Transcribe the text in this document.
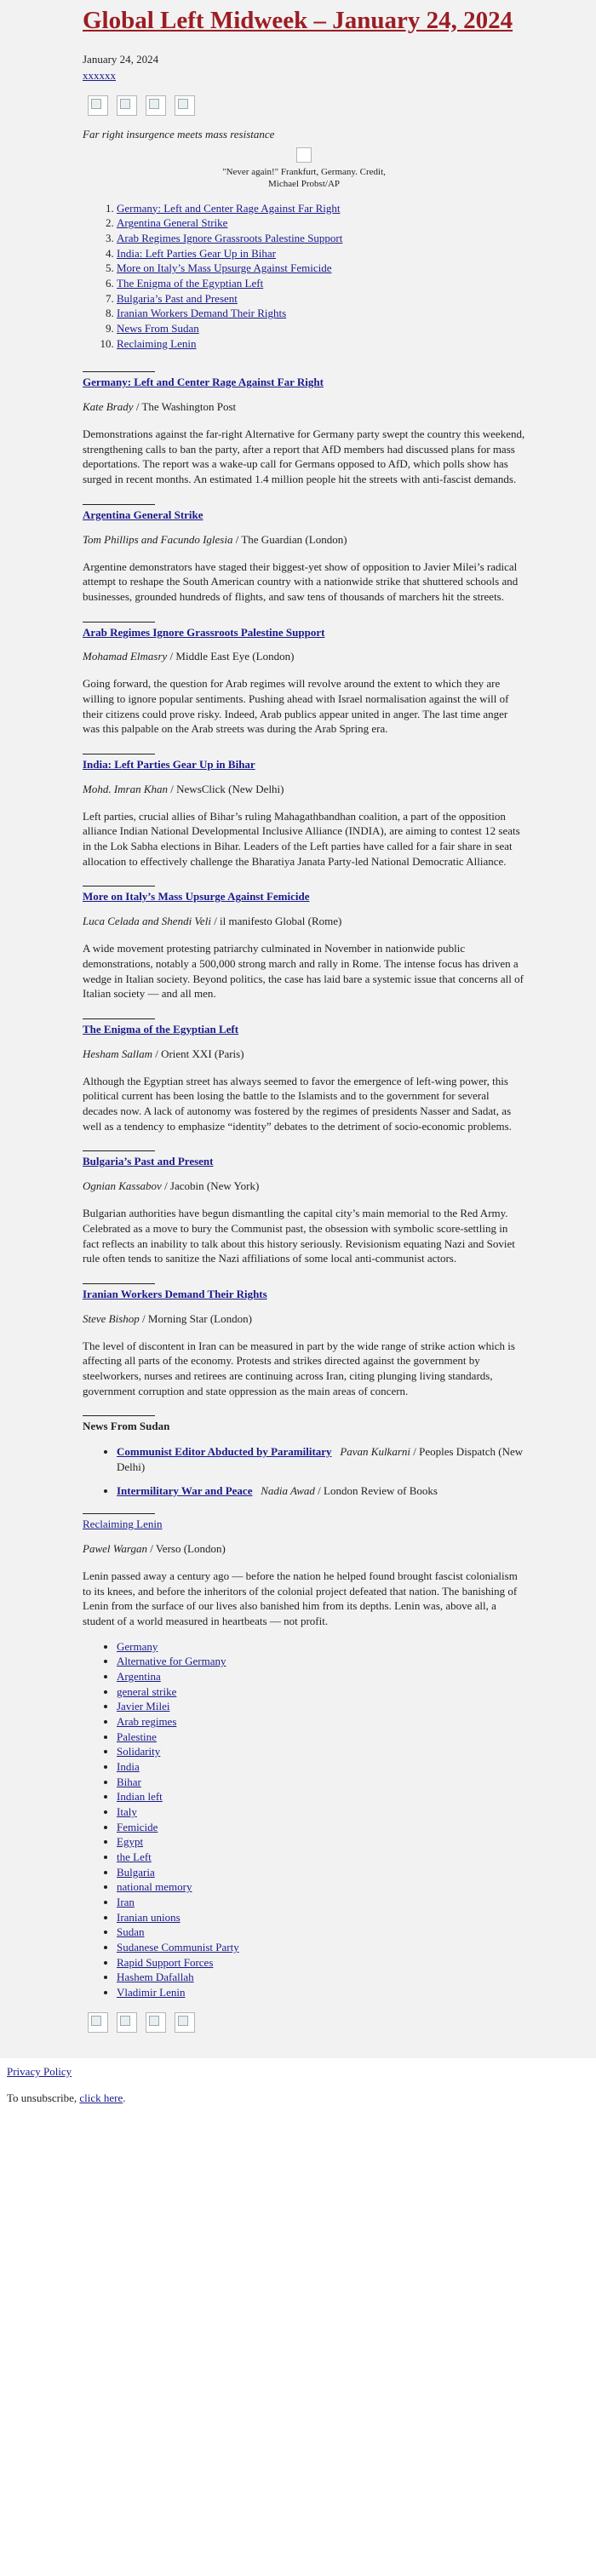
Global Left Midweek – January 24, 2024
January 24, 2024
xxxxxx
Far right insurgence meets mass resistance
"Never again!" Frankfurt, Germany. Credit, Michael Probst/AP
1. Germany: Left and Center Rage Against Far Right
2. Argentina General Strike
3. Arab Regimes Ignore Grassroots Palestine Support
4. India: Left Parties Gear Up in Bihar
5. More on Italy’s Mass Upsurge Against Femicide
6. The Enigma of the Egyptian Left
7. Bulgaria’s Past and Present
8. Iranian Workers Demand Their Rights
9. News From Sudan
10. Reclaiming Lenin
Germany: Left and Center Rage Against Far Right
Kate Brady / The Washington Post

Demonstrations against the far-right Alternative for Germany party swept the country this weekend, strengthening calls to ban the party, after a report that AfD members had discussed plans for mass deportations. The report was a wake-up call for Germans opposed to AfD, which polls show has surged in recent months. An estimated 1.4 million people hit the streets with anti-fascist demands.

Argentina General Strike
Tom Phillips and Facundo Iglesia / The Guardian (London)

Argentine demonstrators have staged their biggest-yet show of opposition to Javier Milei’s radical attempt to reshape the South American country with a nationwide strike that shuttered schools and businesses, grounded hundreds of flights, and saw tens of thousands of marchers hit the streets.

Arab Regimes Ignore Grassroots Palestine Support
Mohamad Elmasry / Middle East Eye (London)

Going forward, the question for Arab regimes will revolve around the extent to which they are willing to ignore popular sentiments. Pushing ahead with Israel normalisation against the will of their citizens could prove risky. Indeed, Arab publics appear united in anger. The last time anger was this palpable on the Arab streets was during the Arab Spring era.

India: Left Parties Gear Up in Bihar
Mohd. Imran Khan / NewsClick (New Delhi)

Left parties, crucial allies of Bihar’s ruling Mahagathbandhan coalition, a part of the opposition alliance Indian National Developmental Inclusive Alliance (INDIA), are aiming to contest 12 seats in the Lok Sabha elections in Bihar. Leaders of the Left parties have called for a fair share in seat allocation to effectively challenge the Bharatiya Janata Party-led National Democratic Alliance.

More on Italy’s Mass Upsurge Against Femicide
Luca Celada and Shendi Veli / il manifesto Global (Rome)

A wide movement protesting patriarchy culminated in November in nationwide public demonstrations, notably a 500,000 strong march and rally in Rome. The intense focus has driven a wedge in Italian society. Beyond politics, the case has laid bare a systemic issue that concerns all of Italian society — and all men.

The Enigma of the Egyptian Left
Hesham Sallam / Orient XXI (Paris)

Although the Egyptian street has always seemed to favor the emergence of left-wing power, this political current has been losing the battle to the Islamists and to the government for several decades now. A lack of autonomy was fostered by the regimes of presidents Nasser and Sadat, as well as a tendency to emphasize “identity” debates to the detriment of socio-economic problems.

Bulgaria’s Past and Present
Ognian Kassabov / Jacobin (New York)

Bulgarian authorities have begun dismantling the capital city’s main memorial to the Red Army. Celebrated as a move to bury the Communist past, the obsession with symbolic score-settling in fact reflects an inability to talk about this history seriously. Revisionism equating Nazi and Soviet rule often tends to sanitize the Nazi affiliations of some local anti-communist actors.

Iranian Workers Demand Their Rights
Steve Bishop / Morning Star (London)

The level of discontent in Iran can be measured in part by the wide range of strike action which is affecting all parts of the economy. Protests and strikes directed against the government by steelworkers, nurses and retirees are continuing across Iran, citing plunging living standards, government corruption and state oppression as the main areas of concern.

News From Sudan
• Communist Editor Abducted by Paramilitary Pavan Kulkarni / Peoples Dispatch (New Delhi)
• Intermilitary War and Peace Nadia Awad / London Review of Books
Reclaiming Lenin
Pawel Wargan / Verso (London)

Lenin passed away a century ago — before the nation he helped found brought fascist colonialism to its knees, and before the inheritors of the colonial project defeated that nation. The banishing of Lenin from the surface of our lives also banished him from its depths. Lenin was, above all, a student of a world measured in heartbeats — not profit.

• Germany
• Alternative for Germany
• Argentina
• general strike
• Javier Milei
• Arab regimes
• Palestine
• Solidarity
• India
• Bihar
• Indian left
• Italy
• Femicide
• Egypt
• the Left
• Bulgaria
• national memory
• Iran
• Iranian unions
• Sudan
• Sudanese Communist Party
• Rapid Support Forces
• Hashem Dafallah
• Vladimir Lenin

Privacy Policy

To unsubscribe, click here.
